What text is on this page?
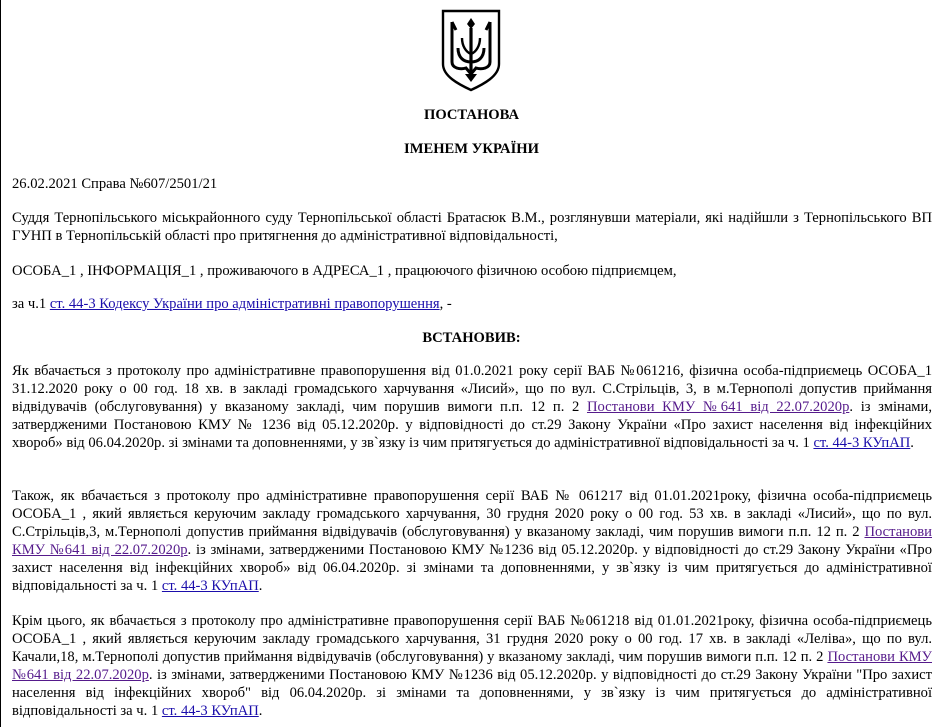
ПОСТАНОВА
ІМЕНЕМ УКРАЇНИ
26.02.2021 Справа №607/2501/21
Суддя Тернопільського міськрайонного суду Тернопільської області Братасюк В.М., розглянувши матеріали, які надійшли з Тернопільського ВП ГУНП в Тернопільській області про притягнення до адміністративної відповідальності,
ОСОБА_1 , ІНФОРМАЦІЯ_1 , проживаючого в АДРЕСА_1 , працюючого фізичною особою підприємцем,
за ч.1 ст. 44-3 Кодексу України про адміністративні правопорушення, -
ВСТАНОВИВ:
Як вбачається з протоколу про адміністративне правопорушення від 01.0.2021 року серії ВАБ №061216, фізична особа-підприємець ОСОБА_1 31.12.2020 року о 00 год. 18 хв. в закладі громадського харчування «Лисий», що по вул. С.Стрільців, 3, в м.Тернополі допустив приймання відвідувачів (обслуговування) у вказаному закладі, чим порушив вимоги п.п. 12 п. 2 Постанови КМУ №641 від 22.07.2020р. із змінами, затвердженими Постановою КМУ № 1236 від 05.12.2020р. у відповідності до ст.29 Закону України «Про захист населення від інфекційних хвороб» від 06.04.2020р. зі змінами та доповненнями, у зв`язку із чим притягується до адміністративної відповідальності за ч. 1 ст. 44-3 КУпАП.
Також, як вбачається з протоколу про адміністративне правопорушення серії ВАБ № 061217 від 01.01.2021року, фізична особа-підприємець ОСОБА_1 , який являється керуючим закладу громадського харчування, 30 грудня 2020 року о 00 год. 53 хв. в закладі «Лисий», що по вул. С.Стрільців,3, м.Тернополі допустив приймання відвідувачів (обслуговування) у вказаному закладі, чим порушив вимоги п.п. 12 п. 2 Постанови КМУ №641 від 22.07.2020р. із змінами, затвердженими Постановою КМУ №1236 від 05.12.2020р. у відповідності до ст.29 Закону України «Про захист населення від інфекційних хвороб» від 06.04.2020р. зі змінами та доповненнями, у зв`язку із чим притягується до адміністративної відповідальності за ч. 1 ст. 44-3 КУпАП.
Крім цього, як вбачається з протоколу про адміністративне правопорушення серії ВАБ №061218 від 01.01.2021року, фізична особа-підприємець ОСОБА_1 , який являється керуючим закладу громадського харчування, 31 грудня 2020 року о 00 год. 17 хв. в закладі «Леліва», що по вул. Качали,18, м.Тернополі допустив приймання відвідувачів (обслуговування) у вказаному закладі, чим порушив вимоги п.п. 12 п. 2 Постанови КМУ №641 від 22.07.2020р. із змінами, затвердженими Постановою КМУ №1236 від 05.12.2020р. у відповідності до ст.29 Закону України "Про захист населення від інфекційних хвороб" від 06.04.2020р. зі змінами та доповненнями, у зв`язку із чим притягується до адміністративної відповідальності за ч. 1 ст. 44-3 КУпАП.
